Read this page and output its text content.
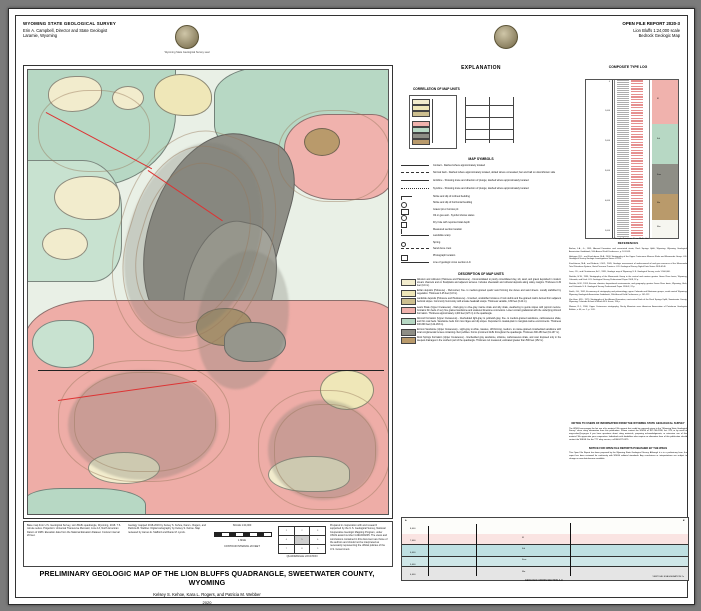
WYOMING STATE GEOLOGICAL SURVEY
Erin A. Campbell, Director and State Geologist
Laramie, Wyoming
Wyoming State Geological Survey seal
OPEN FILE REPORT 2020-3
Lion Bluffs 1:24,000 scale
Bedrock Geologic Map
Base map from U.S. Geological Survey, Lion Bluffs quadrangle, Wyoming, 2018. 7.5-minute series. Projection: Universal Transverse Mercator, zone 13, North American Datum of 1983. Elevation data from the National Elevation Dataset. Contour interval 20 feet.
Geology mapped 2018-2019 by Kelsey S. Kehoe, Kara L. Rogers, and Patricia M. Webber. Digital cartography by Kelsey S. Kehoe. Map reviewed by James E. Stafford and Ranie M. Lynds.
SCALE 1:24,000
1 MILE
CONTOUR INTERVAL 20 FEET
1	2	3
4	5	6
7	8	9
QUADRANGLE LOCATION
Prepared in cooperation with and research supported by the U.S. Geological Survey, National Cooperative Geologic Mapping Program, under USGS award number G19AC00245. The views and conclusions contained in this document are those of the authors and should not be interpreted as necessarily representing the official policies of the U.S. Government.
PRELIMINARY GEOLOGIC MAP OF THE LION BLUFFS QUADRANGLE, SWEETWATER COUNTY, WYOMING
Kelsey S. Kehoe, Kara L. Rogers, and Patricia M. Webber
2020
EXPLANATION
CORRELATION OF MAP UNITS
MAP SYMBOLS
Contact - Dashed where approximately located
Normal fault - Dashed where approximately located, dotted where concealed; bar and ball on downthrown side
Anticline - Showing trace and direction of plunge; dashed where approximately located
Syncline - Showing trace and direction of plunge; dashed where approximately located
Strike and dip of inclined bedding
Strike and dip of horizontal bedding
Gravel pit or borrow pit
Oil or gas well - Symbol shows status
Dry hole with reported total depth
Measured section location
Landslide scarp
Spring
Sand dune crest
Photograph location
Line of geologic cross section A-A'
DESCRIPTION OF MAP UNITS
Alluvium and colluvium (Holocene and Pleistocene) - Unconsolidated to poorly consolidated clay, silt, sand, and gravel deposited in modern stream channels and on floodplains and adjacent terraces. Includes sheetwash and colluvial deposits along valley margins. Thickness 0-30 feet (0-9 m).
Eolian deposits (Holocene) - Well-sorted, fine- to medium-grained quartz sand forming low dunes and sand sheets. Locally stabilized by vegetation. Thickness 0-25 feet (0-8 m).
Landslide deposits (Holocene and Pleistocene) - Unsorted, unstratified mixtures of rock debris and fine-grained matrix derived from adjacent bedrock slopes. Commonly hummocky with arcuate headwall scarps. Thickness variable, 0-80 feet (0-24 m).
Lewis Shale (Upper Cretaceous) - Dark-gray to olive-gray marine shale and silty shale, weathering to gentle slopes with popcorn texture. Contains thin beds of very fine grained sandstone and scattered limestone concretions. Lower contact gradational with the underlying Almond Formation. Thickness approximately 1,400 feet (427 m) in the quadrangle.
Almond Formation (Upper Cretaceous) - Interbedded light-gray to yellowish-gray, fine- to medium-grained sandstone, carbonaceous shale, and thin coal beds. Sandstone beds form low ridges and dip slopes. Deposited in coastal-plain to marginal-marine environments. Thickness 400-600 feet (122-183 m).
Ericson Sandstone (Upper Cretaceous) - Light-gray to white, massive, cliff-forming, medium- to coarse-grained crossbedded sandstone with local conglomeratic lenses containing chert pebbles. Forms prominent bluffs throughout the quadrangle. Thickness 300-450 feet (91-137 m).
Rock Springs Formation (Upper Cretaceous) - Interbedded gray sandstone, siltstone, carbonaceous shale, and coal. Exposed only in the deepest drainages in the southern part of the quadrangle. Thickness not measured; estimated greater than 500 feet (152 m).
COMPOSITE TYPE LOG
0
1,000
2,000
3,000
4,000
5,000
Kl
Kal
Kmv
Kbr
Kbx
Champlin Petroleum 1 Lion Bluffs Unit
REFERENCES
Barlow, J.A., Jr., 1961, Almond Formation and associated strata, Rock Springs Uplift, Wyoming: Wyoming Geological Association Guidebook, 16th Annual Field Conference, p. 101-108.
Hettinger, R.D., and Kirschbaum, M.A., 2003, Stratigraphy of the Upper Cretaceous Mancos Shale and Mesaverde Group: U.S. Geological Survey Geologic Investigations Series I-2764.
Kirschbaum, M.A., and Roberts, L.N.R., 2005, Geologic assessment of undiscovered oil and gas resources of the Mesaverde Total Petroleum System, Uinta-Piceance Province: U.S. Geological Survey Digital Data Series DDS-69-B.
Love, J.D., and Christiansen, A.C., 1985, Geologic map of Wyoming: U.S. Geological Survey, scale 1:500,000.
Roehler, H.W., 1990, Stratigraphy of the Mesaverde Group in the central and eastern greater Green River basin, Wyoming, Colorado, and Utah: U.S. Geological Survey Professional Paper 1508, 52 p.
Roehler, H.W., 1993, Eocene climates, depositional environments, and geography, greater Green River basin, Wyoming, Utah, and Colorado: U.S. Geological Survey Professional Paper 1506-F, 74 p.
Smith, J.H., 1961, A summary of stratigraphy and paleontology, upper Colorado and Montanan groups, south-central Wyoming: Wyoming Geological Association Guidebook, 16th Annual Field Conference, p. 101-112.
Van Horn, M.D., 1979, Stratigraphy of the Almond Formation, east-central flank of the Rock Springs Uplift, Sweetwater County, Wyoming: Colorado School of Mines M.S. thesis, 150 p.
Weimer, R.J., 1960, Upper Cretaceous stratigraphy, Rocky Mountain area: American Association of Petroleum Geologists Bulletin, v. 44, no. 1, p. 1-20.
NOTICE TO USERS OF INFORMATION FROM THE WYOMING STATE GEOLOGICAL SURVEY
The WSGS encourages the fair use of its material. We request that credit be expressly given to the "Wyoming State Geological Survey" when citing information from this publication. Please contact the WSGS at 307-766-2286, ext. 224, or by email at wsgs.sales@wyo.gov if you have questions about citing materials, preparing acknowledgments, or extensive use of this material. We appreciate your cooperation. Individuals with disabilities who require an alternative form of this publication should contact the WSGS. For the TTY relay service, call 800-877-9975.
NOTICE FOR OPEN FILE REPORTS PUBLISHED BY THE WSGS
This Open File Report has been prepared by the Wyoming State Geological Survey. Although it is in a preliminary form, the report has been reviewed for conformity with WSGS editorial standards. Any conclusions or interpretations are subject to change as new data become available.
A	A'
8,000
7,000
6,000
5,000
4,000
Kl
Kal
Kmv
Kbr
VERTICAL EXAGGERATION 2x
GEOLOGIC CROSS SECTION A-A'
